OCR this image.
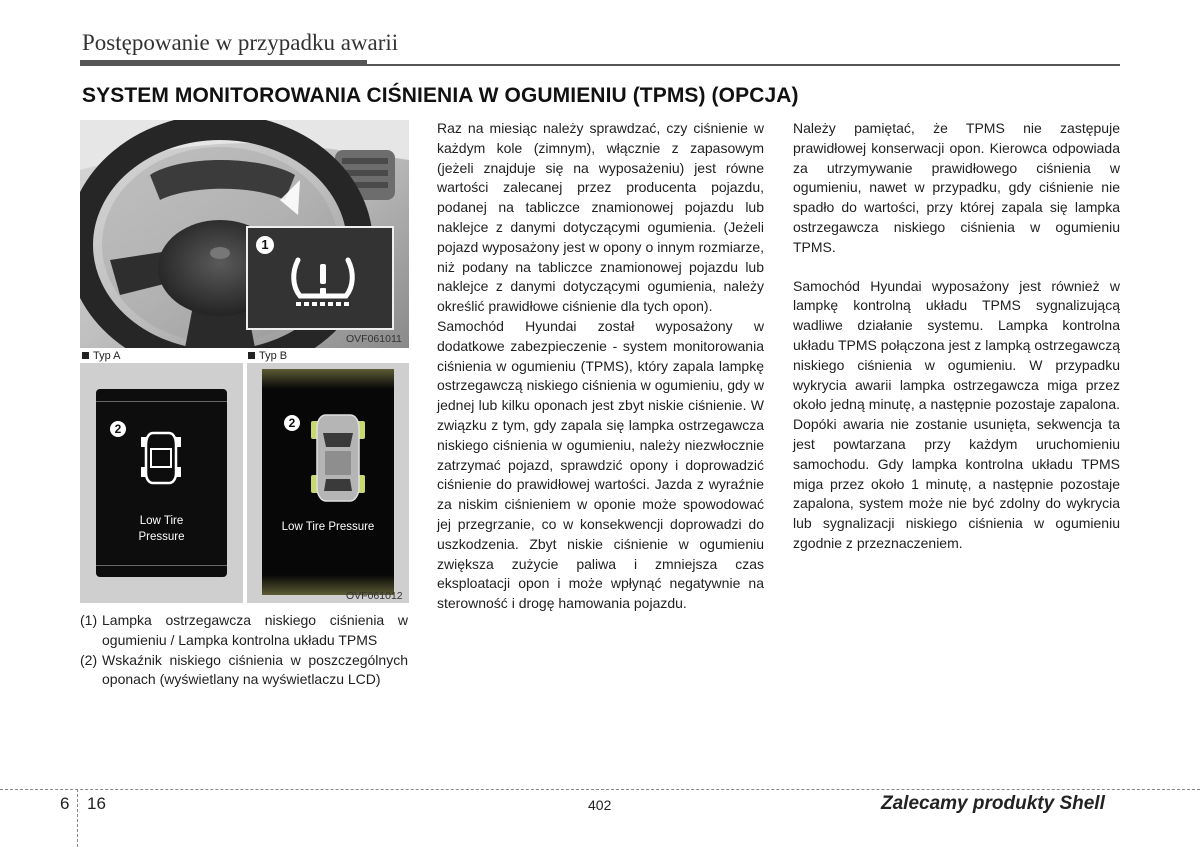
Postępowanie w przypadku awarii
SYSTEM MONITOROWANIA CIŚNIENIA W OGUMIENIU (TPMS) (OPCJA)
1
OVF061011
Typ A	Typ B
2
Low Tire
Pressure
2
Low Tire Pressure
OVF061012
(1) Lampka ostrzegawcza niskiego ciśnienia w ogumieniu / Lampka kontrolna układu TPMS
(2) Wskaźnik niskiego ciśnienia w poszczególnych oponach (wyświetlany na wyświetlaczu LCD)

Raz na miesiąc należy sprawdzać, czy ciśnienie w każdym kole (zimnym), włącznie z zapasowym (jeżeli znajduje się na wyposażeniu) jest równe wartości zalecanej przez producenta pojazdu, podanej na tabliczce znamionowej pojazdu lub naklejce z danymi dotyczącymi ogumienia. (Jeżeli pojazd wyposażony jest w opony o innym rozmiarze, niż podany na tabliczce znamionowej pojazdu lub naklejce z danymi dotyczącymi ogumienia, należy określić prawidłowe ciśnienie dla tych opon).

Samochód Hyundai został wyposażony w dodatkowe zabezpieczenie - system monitorowania ciśnienia w ogumieniu (TPMS), który zapala lampkę ostrzegawczą niskiego ciśnienia w ogumieniu, gdy w jednej lub kilku oponach jest zbyt niskie ciśnienie. W związku z tym, gdy zapala się lampka ostrzegawcza niskiego ciśnienia w ogumieniu, należy niezwłocznie zatrzymać pojazd, sprawdzić opony i doprowadzić ciśnienie do prawidłowej wartości. Jazda z wyraźnie za niskim ciśnieniem w oponie może spowodować jej przegrzanie, co w konsekwencji doprowadzi do uszkodzenia. Zbyt niskie ciśnienie w ogumieniu zwiększa zużycie paliwa i zmniejsza czas eksploatacji opon i może wpłynąć negatywnie na sterowność i drogę hamowania pojazdu.

Należy pamiętać, że TPMS nie zastępuje prawidłowej konserwacji opon. Kierowca odpowiada za utrzymywanie prawidłowego ciśnienia w ogumieniu, nawet w przypadku, gdy ciśnienie nie spadło do wartości, przy której zapala się lampka ostrzegawcza niskiego ciśnienia w ogumieniu TPMS.

Samochód Hyundai wyposażony jest również w lampkę kontrolną układu TPMS sygnalizującą wadliwe działanie systemu. Lampka kontrolna układu TPMS połączona jest z lampką ostrzegawczą niskiego ciśnienia w ogumieniu. W przypadku wykrycia awarii lampka ostrzegawcza miga przez około jedną minutę, a następnie pozostaje zapalona. Dopóki awaria nie zostanie usunięta, sekwencja ta jest powtarzana przy każdym uruchomieniu samochodu. Gdy lampka kontrolna układu TPMS miga przez około 1 minutę, a następnie pozostaje zapalona, system może nie być zdolny do wykrycia lub sygnalizacji niskiego ciśnienia w ogumieniu zgodnie z przeznaczeniem.

6 16	402	Zalecamy produkty Shell
